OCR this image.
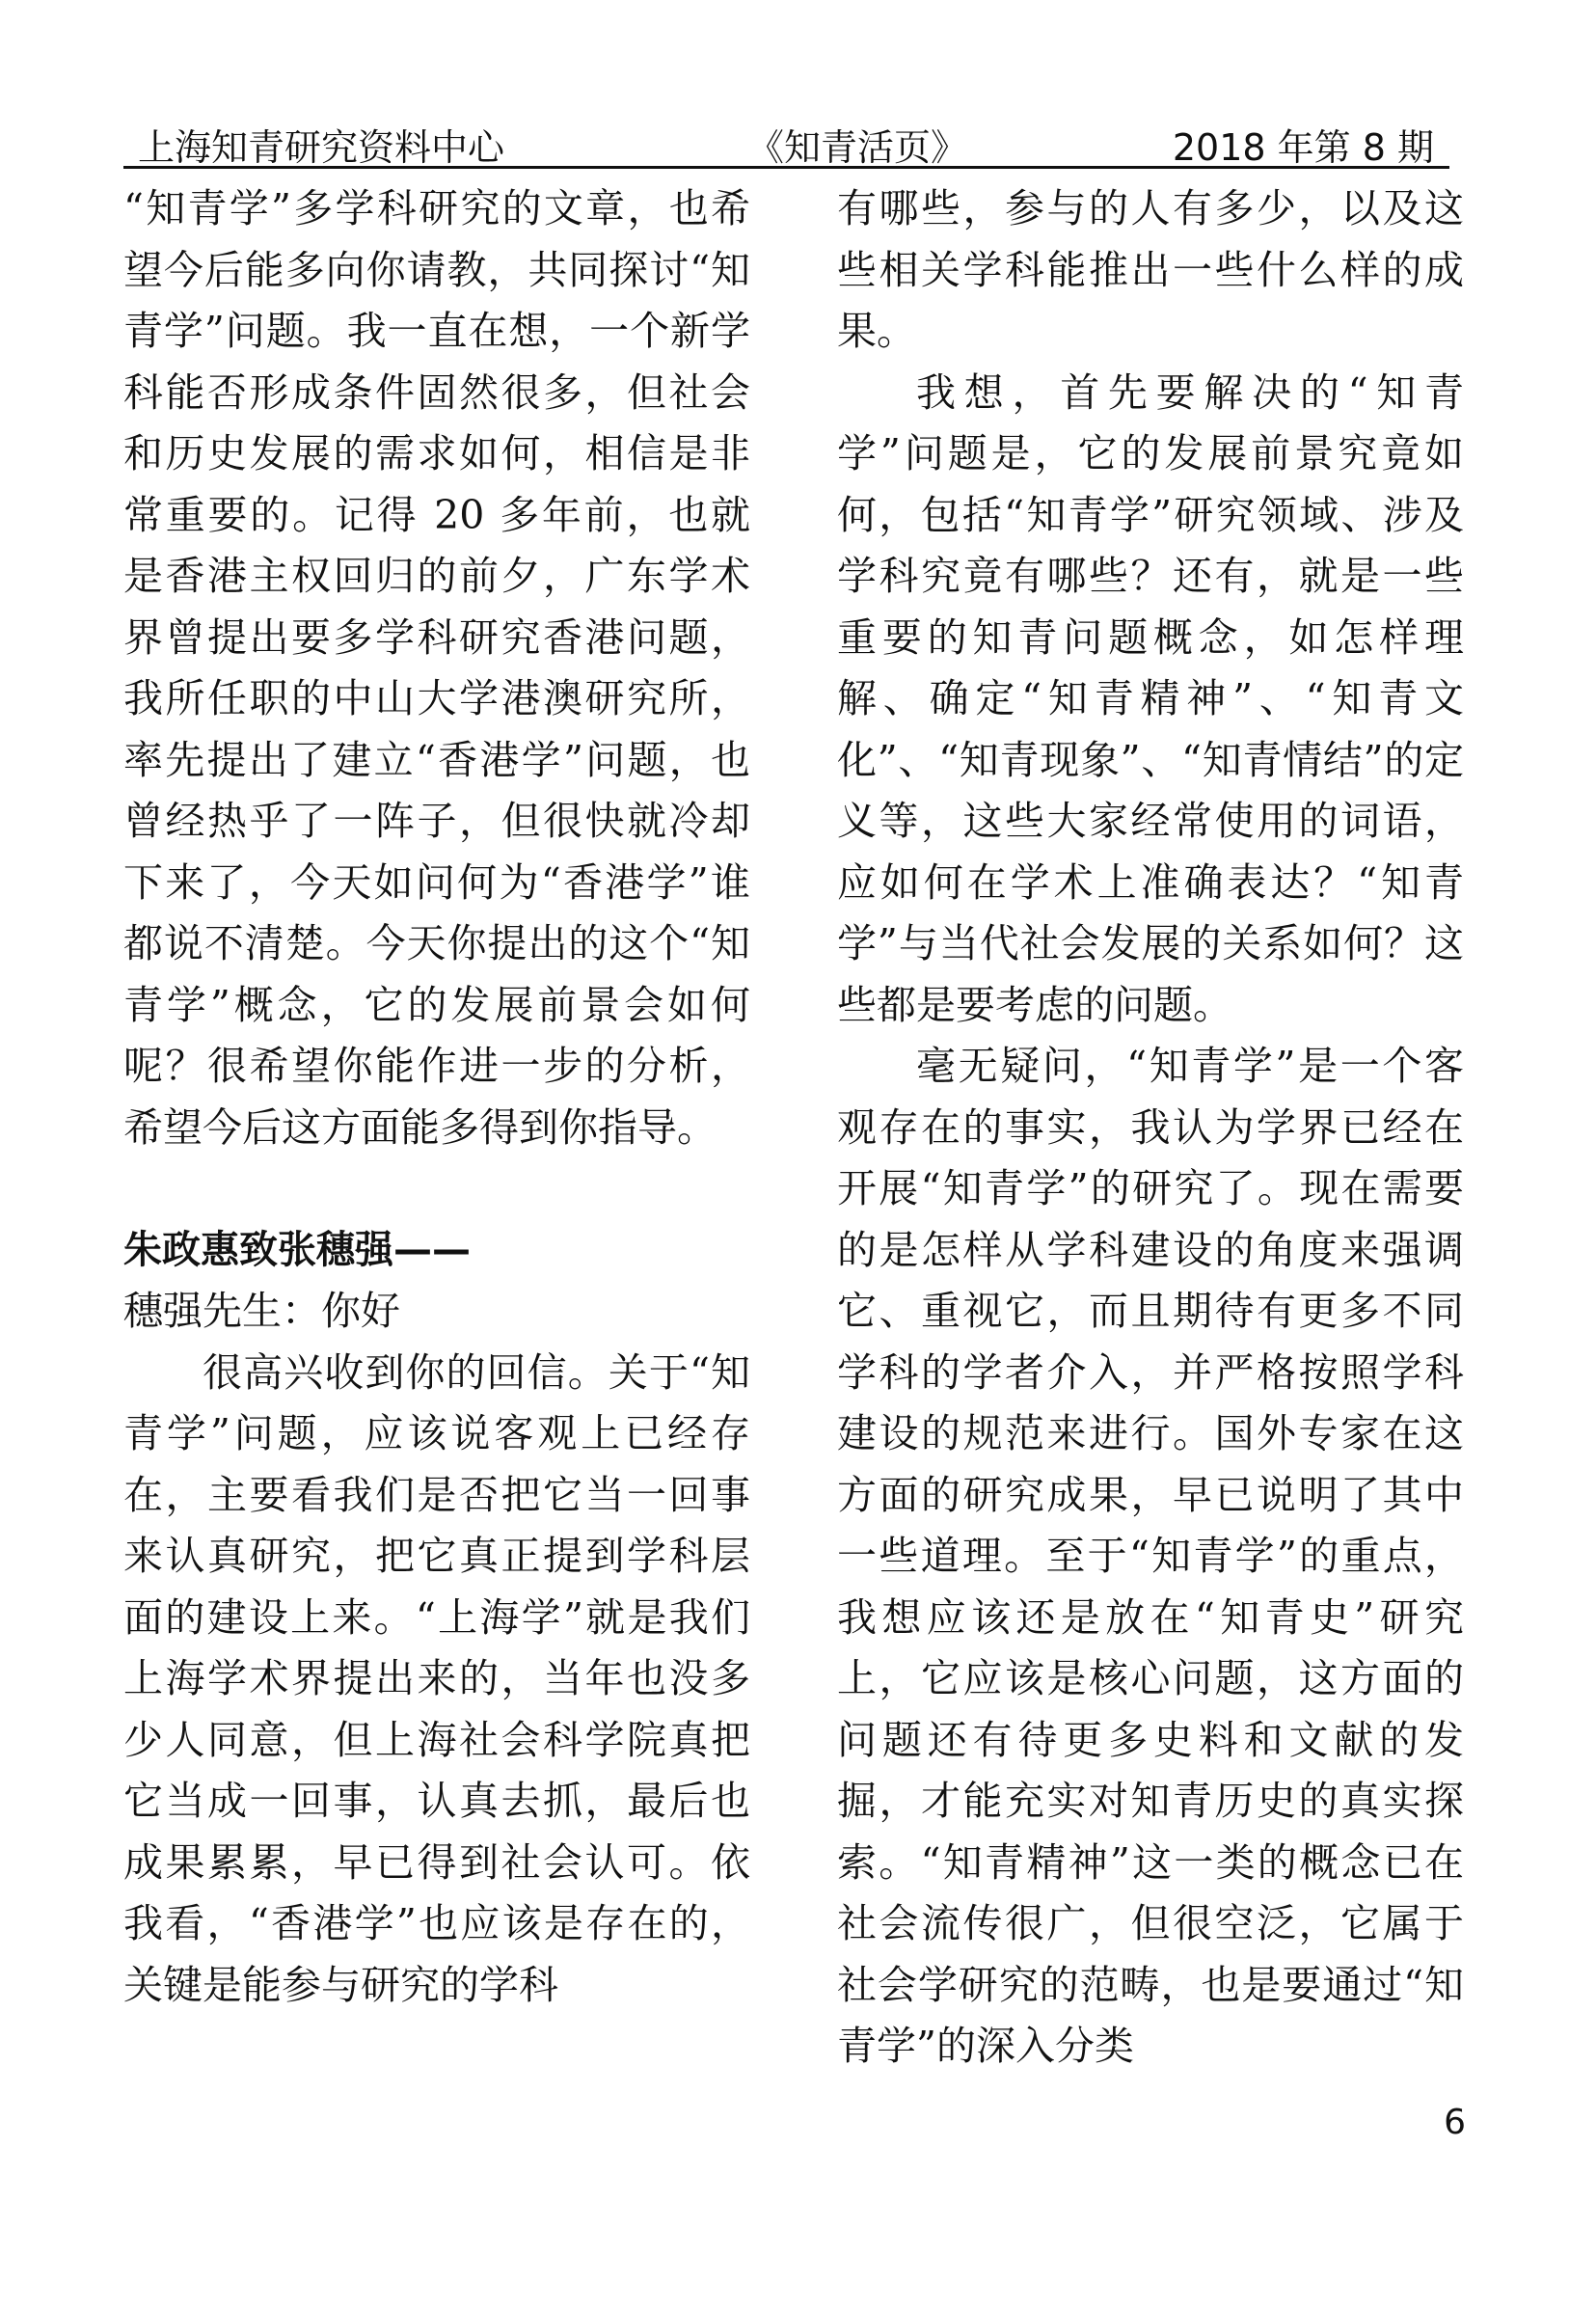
上海知青研究资料中心	《知青活页》	2018 年第 8 期

“知青学”多学科研究的文章，也希望今后能多向你请教，共同探讨“知青学”问题。我一直在想，一个新学科能否形成条件固然很多，但社会和历史发展的需求如何，相信是非常重要的。记得 20 多年前，也就是香港主权回归的前夕，广东学术界曾提出要多学科研究香港问题，我所任职的中山大学港澳研究所，率先提出了建立“香港学”问题，也曾经热乎了一阵子，但很快就冷却下来了，今天如问何为“香港学”谁都说不清楚。今天你提出的这个“知青学”概念，它的发展前景会如何呢？很希望你能作进一步的分析，希望今后这方面能多得到你指导。

朱政惠致张穗强——

穗强先生：你好

很高兴收到你的回信。关于“知青学”问题，应该说客观上已经存在，主要看我们是否把它当一回事来认真研究，把它真正提到学科层面的建设上来。“上海学”就是我们上海学术界提出来的，当年也没多少人同意，但上海社会科学院真把它当成一回事，认真去抓，最后也成果累累，早已得到社会认可。依我看，“香港学”也应该是存在的，关键是能参与研究的学科

有哪些，参与的人有多少，以及这些相关学科能推出一些什么样的成果。

我想，首先要解决的“知青学”问题是，它的发展前景究竟如何，包括“知青学”研究领域、涉及学科究竟有哪些？还有，就是一些重要的知青问题概念，如怎样理解、确定“知青精神”、“知青文化”、“知青现象”、“知青情结”的定义等，这些大家经常使用的词语，应如何在学术上准确表达？“知青学”与当代社会发展的关系如何？这些都是要考虑的问题。

毫无疑问，“知青学”是一个客观存在的事实，我认为学界已经在开展“知青学”的研究了。现在需要的是怎样从学科建设的角度来强调它、重视它，而且期待有更多不同学科的学者介入，并严格按照学科建设的规范来进行。国外专家在这方面的研究成果，早已说明了其中一些道理。至于“知青学”的重点，我想应该还是放在“知青史”研究上，它应该是核心问题，这方面的问题还有待更多史料和文献的发掘，才能充实对知青历史的真实探索。“知青精神”这一类的概念已在社会流传很广，但很空泛，它属于社会学研究的范畴，也是要通过“知青学”的深入分类

6
